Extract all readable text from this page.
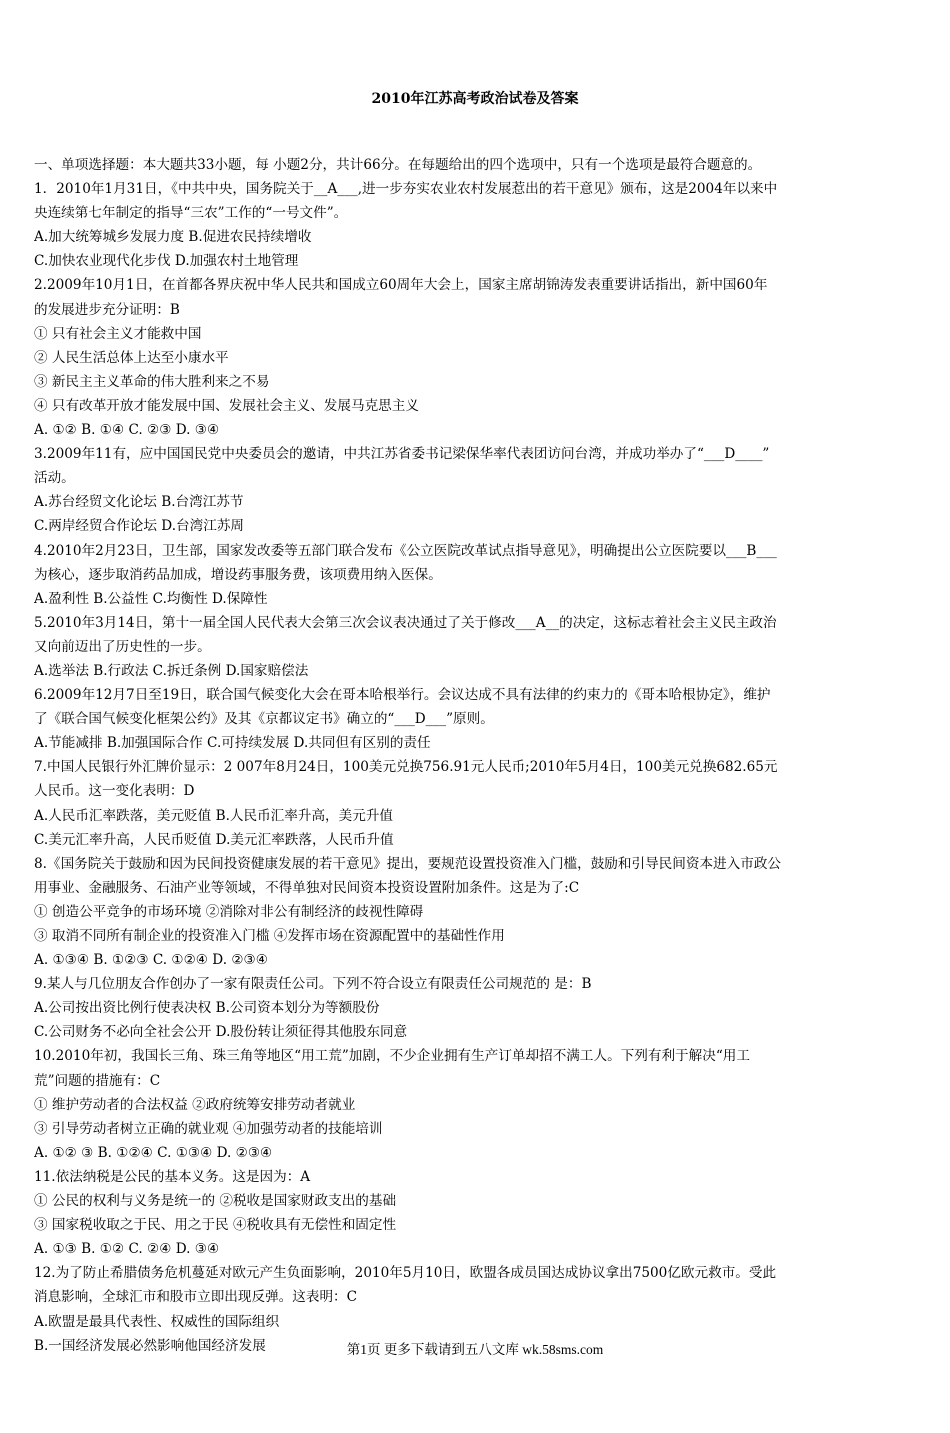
2010年江苏高考政治试卷及答案
一、单项选择题：本大题共33小题，每 小题2分，共计66分。在每题给出的四个选项中，只有一个选项是最符合题意的。
1．2010年1月31日，《中共中央，国务院关于__A___,进一步夯实农业农村发展惹出的若干意见》颁布，这是2004年以来中
央连续第七年制定的指导“三农”工作的“一号文件”。
A.加大统筹城乡发展力度 B.促进农民持续增收
C.加快农业现代化步伐 D.加强农村土地管理
2.2009年10月1日，在首都各界庆祝中华人民共和国成立60周年大会上，国家主席胡锦涛发表重要讲话指出，新中国60年
的发展进步充分证明：B
① 只有社会主义才能救中国
② 人民生活总体上达至小康水平
③ 新民主主义革命的伟大胜利来之不易
④ 只有改革开放才能发展中国、发展社会主义、发展马克思主义
A. ①② B. ①④ C. ②③ D. ③④
3.2009年11有，应中国国民党中央委员会的邀请，中共江苏省委书记梁保华率代表团访问台湾，并成功举办了“___D____”
活动。
A.苏台经贸文化论坛 B.台湾江苏节
C.两岸经贸合作论坛 D.台湾江苏周
4.2010年2月23日，卫生部，国家发改委等五部门联合发布《公立医院改革试点指导意见》，明确提出公立医院要以___B___
为核心，逐步取消药品加成，增设药事服务费，该项费用纳入医保。
A.盈利性 B.公益性 C.均衡性 D.保障性
5.2010年3月14日，第十一届全国人民代表大会第三次会议表决通过了关于修改___A__的决定，这标志着社会主义民主政治
又向前迈出了历史性的一步。
A.选举法 B.行政法 C.拆迁条例 D.国家赔偿法
6.2009年12月7日至19日，联合国气候变化大会在哥本哈根举行。会议达成不具有法律的约束力的《哥本哈根协定》，维护
了《联合国气候变化框架公约》及其《京都议定书》确立的“___D___”原则。
A.节能减排 B.加强国际合作 C.可持续发展 D.共同但有区别的责任
7.中国人民银行外汇牌价显示：2 007年8月24日，100美元兑换756.91元人民币;2010年5月4日，100美元兑换682.65元
人民币。这一变化表明：D
A.人民币汇率跌落，美元贬值 B.人民币汇率升高，美元升值
C.美元汇率升高，人民币贬值 D.美元汇率跌落，人民币升值
8.《国务院关于鼓励和因为民间投资健康发展的若干意见》提出，要规范设置投资准入门槛，鼓励和引导民间资本进入市政公
用事业、金融服务、石油产业等领域，不得单独对民间资本投资设置附加条件。这是为了:C
① 创造公平竞争的市场环境 ②消除对非公有制经济的歧视性障碍
③ 取消不同所有制企业的投资准入门槛 ④发挥市场在资源配置中的基础性作用
A. ①③④ B. ①②③ C. ①②④ D. ②③④
9.某人与几位朋友合作创办了一家有限责任公司。下列不符合设立有限责任公司规范的 是：B
A.公司按出资比例行使表决权 B.公司资本划分为等额股份
C.公司财务不必向全社会公开 D.股份转让须征得其他股东同意
10.2010年初，我国长三角、珠三角等地区“用工荒”加剧，不少企业拥有生产订单却招不满工人。下列有利于解决“用工
荒”问题的措施有：C
① 维护劳动者的合法权益 ②政府统筹安排劳动者就业
③ 引导劳动者树立正确的就业观 ④加强劳动者的技能培训
A. ①② ③ B. ①②④ C. ①③④ D. ②③④
11.依法纳税是公民的基本义务。这是因为：A
① 公民的权利与义务是统一的 ②税收是国家财政支出的基础
③ 国家税收取之于民、用之于民 ④税收具有无偿性和固定性
A. ①③ B. ①② C. ②④ D. ③④
12.为了防止希腊债务危机蔓延对欧元产生负面影响，2010年5月10日，欧盟各成员国达成协议拿出7500亿欧元救市。受此
消息影响，全球汇市和股市立即出现反弹。这表明：C
A.欧盟是最具代表性、权威性的国际组织
B.一国经济发展必然影响他国经济发展	第1页 更多下载请到五八文库 wk.58sms.com
